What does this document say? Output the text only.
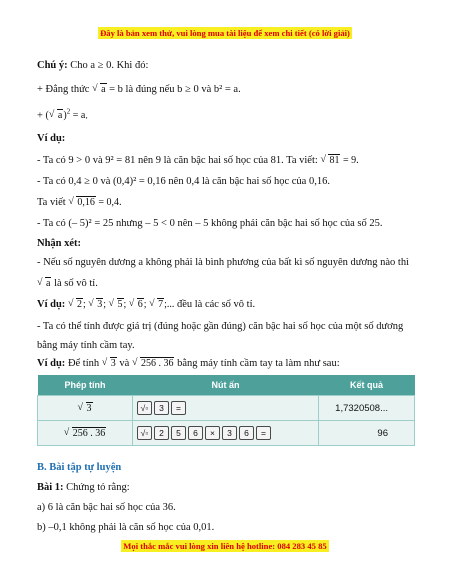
Đây là bản xem thử, vui lòng mua tài liệu để xem chi tiết (có lời giải)
Chú ý: Cho a ≥ 0. Khi đó:
+ Đẳng thức √ a = b là đúng nếu b ≥ 0 và b² = a.
+ ( √ a)$^2$ = a.
Ví dụ:
- Ta có 9 > 0 và 9² = 81 nên 9 là căn bậc hai số học của 81. Ta viết: √ 81 = 9.
- Ta có 0,4 ≥ 0 và (0,4)² = 0,16 nên 0,4 là căn bậc hai số học của 0,16.
Ta viết √ 0,16 = 0,4.
- Ta có (– 5)² = 25 nhưng – 5 < 0 nên – 5 không phải căn bậc hai số học của số 25.
Nhận xét:
- Nếu số nguyên dương a không phải là bình phương của bất kì số nguyên dương nào thì
√ a là số vô tỉ.
Ví dụ: √ 2; √ 3; √ 5; √ 6; √ 7;... đều là các số vô tỉ.
- Ta có thể tính được giá trị (đúng hoặc gần đúng) căn bậc hai số học của một số dương
bằng máy tính cầm tay.
Ví dụ: Để tính √ 3 và √ 256 . 36 bằng máy tính cầm tay ta làm như sau:
Phép tính	Nút ấn	Kết quả
√ 3	√▫ 3 =	1,7320508...
√ 256 . 36	√▫ 2 5 6 × 3 6 =	96
B. Bài tập tự luyện
Bài 1: Chứng tỏ rằng:
a) 6 là căn bậc hai số học của 36.
b) –0,1 không phải là căn số học của 0,01.
Mọi thắc mắc vui lòng xin liên hệ hotline: 084 283 45 85
